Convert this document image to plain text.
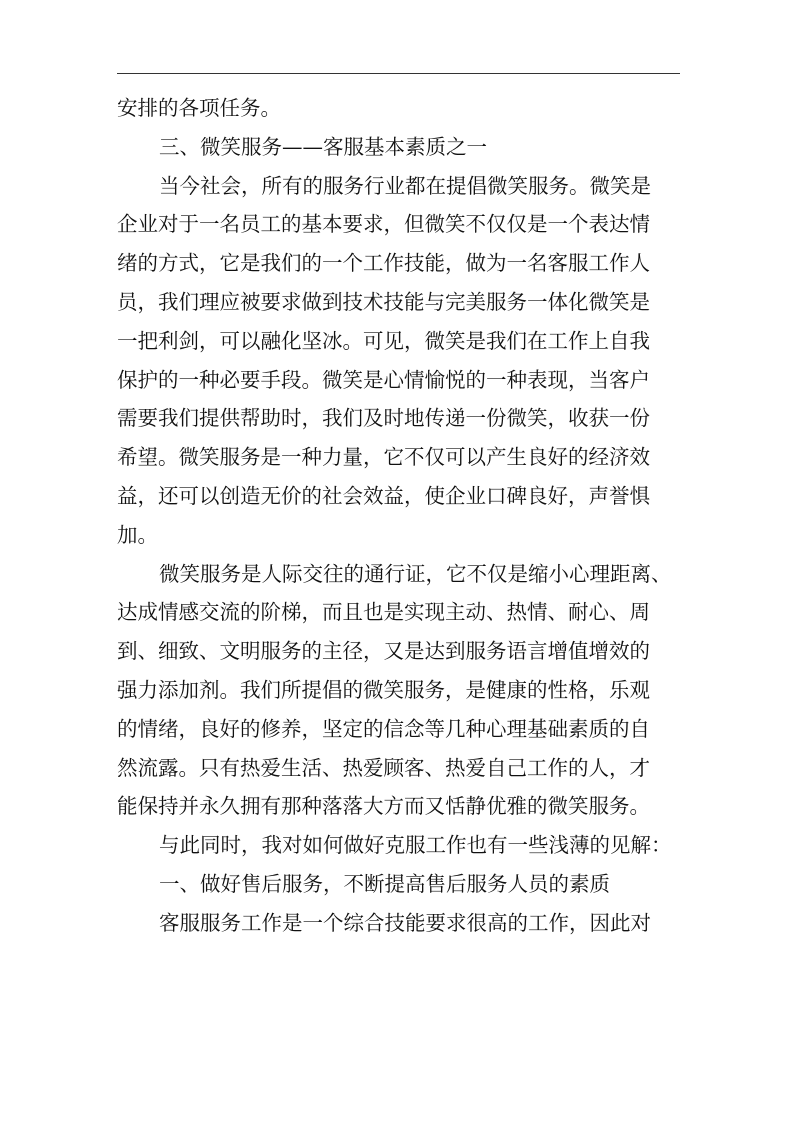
安排的各项任务。
三、微笑服务——客服基本素质之一
当今社会，所有的服务行业都在提倡微笑服务。微笑是
企业对于一名员工的基本要求，但微笑不仅仅是一个表达情
绪的方式，它是我们的一个工作技能，做为一名客服工作人
员，我们理应被要求做到技术技能与完美服务一体化微笑是
一把利剑，可以融化坚冰。可见，微笑是我们在工作上自我
保护的一种必要手段。微笑是心情愉悦的一种表现，当客户
需要我们提供帮助时，我们及时地传递一份微笑，收获一份
希望。微笑服务是一种力量，它不仅可以产生良好的经济效
益，还可以创造无价的社会效益，使企业口碑良好，声誉惧
加。
微笑服务是人际交往的通行证，它不仅是缩小心理距离、
达成情感交流的阶梯，而且也是实现主动、热情、耐心、周
到、细致、文明服务的主径，又是达到服务语言增值增效的
强力添加剂。我们所提倡的微笑服务，是健康的性格，乐观
的情绪，良好的修养，坚定的信念等几种心理基础素质的自
然流露。只有热爱生活、热爱顾客、热爱自己工作的人，才
能保持并永久拥有那种落落大方而又恬静优雅的微笑服务。
与此同时，我对如何做好克服工作也有一些浅薄的见解：
一、做好售后服务，不断提高售后服务人员的素质
客服服务工作是一个综合技能要求很高的工作，因此对
